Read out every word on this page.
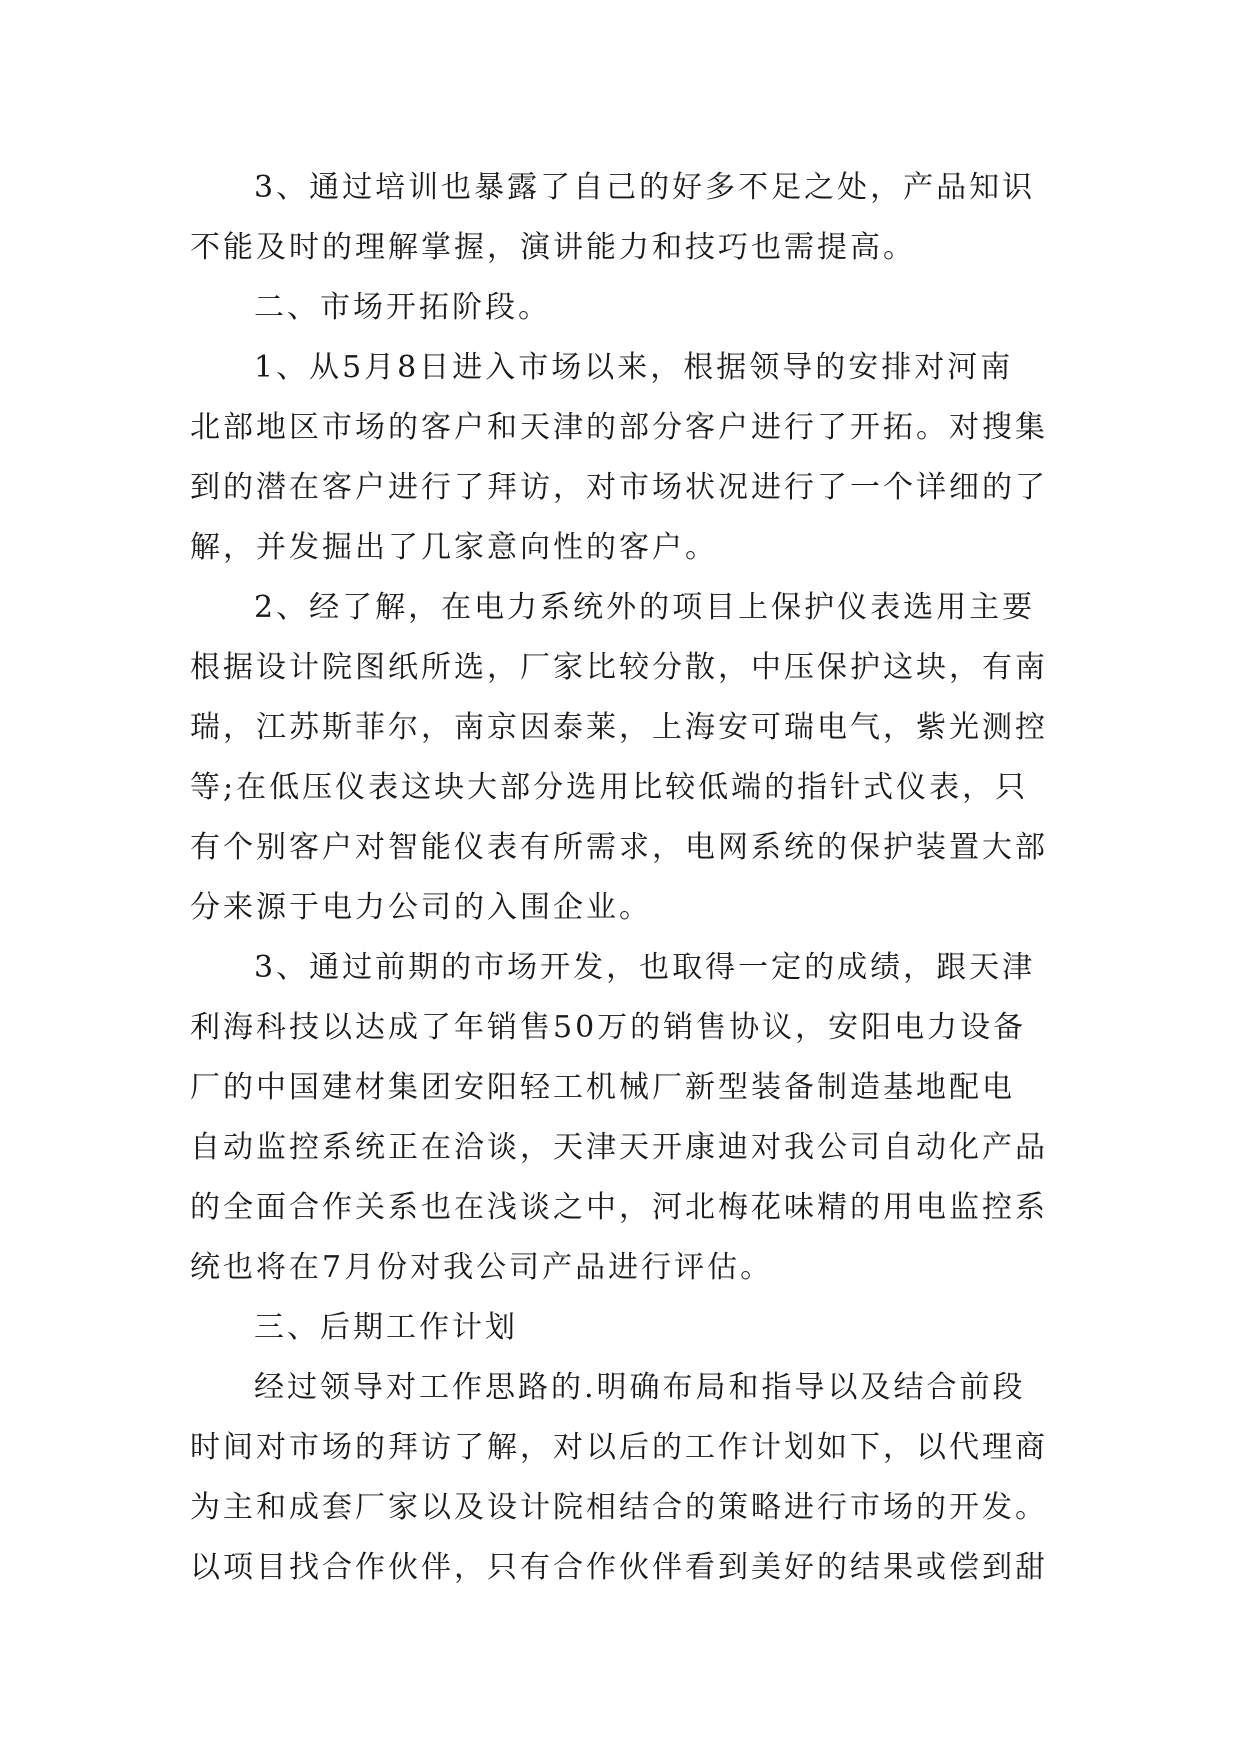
3、通过培训也暴露了自己的好多不足之处，产品知识
不能及时的理解掌握，演讲能力和技巧也需提高。
二、市场开拓阶段。
1、从5月8日进入市场以来，根据领导的安排对河南
北部地区市场的客户和天津的部分客户进行了开拓。对搜集
到的潜在客户进行了拜访，对市场状况进行了一个详细的了
解，并发掘出了几家意向性的客户。
2、经了解，在电力系统外的项目上保护仪表选用主要
根据设计院图纸所选，厂家比较分散，中压保护这块，有南
瑞，江苏斯菲尔，南京因泰莱，上海安可瑞电气，紫光测控
等;在低压仪表这块大部分选用比较低端的指针式仪表，只
有个别客户对智能仪表有所需求，电网系统的保护装置大部
分来源于电力公司的入围企业。
3、通过前期的市场开发，也取得一定的成绩，跟天津
利海科技以达成了年销售50万的销售协议，安阳电力设备
厂的中国建材集团安阳轻工机械厂新型装备制造基地配电
自动监控系统正在洽谈，天津天开康迪对我公司自动化产品
的全面合作关系也在浅谈之中，河北梅花味精的用电监控系
统也将在7月份对我公司产品进行评估。
三、后期工作计划
经过领导对工作思路的.明确布局和指导以及结合前段
时间对市场的拜访了解，对以后的工作计划如下，以代理商
为主和成套厂家以及设计院相结合的策略进行市场的开发。
以项目找合作伙伴，只有合作伙伴看到美好的结果或偿到甜
